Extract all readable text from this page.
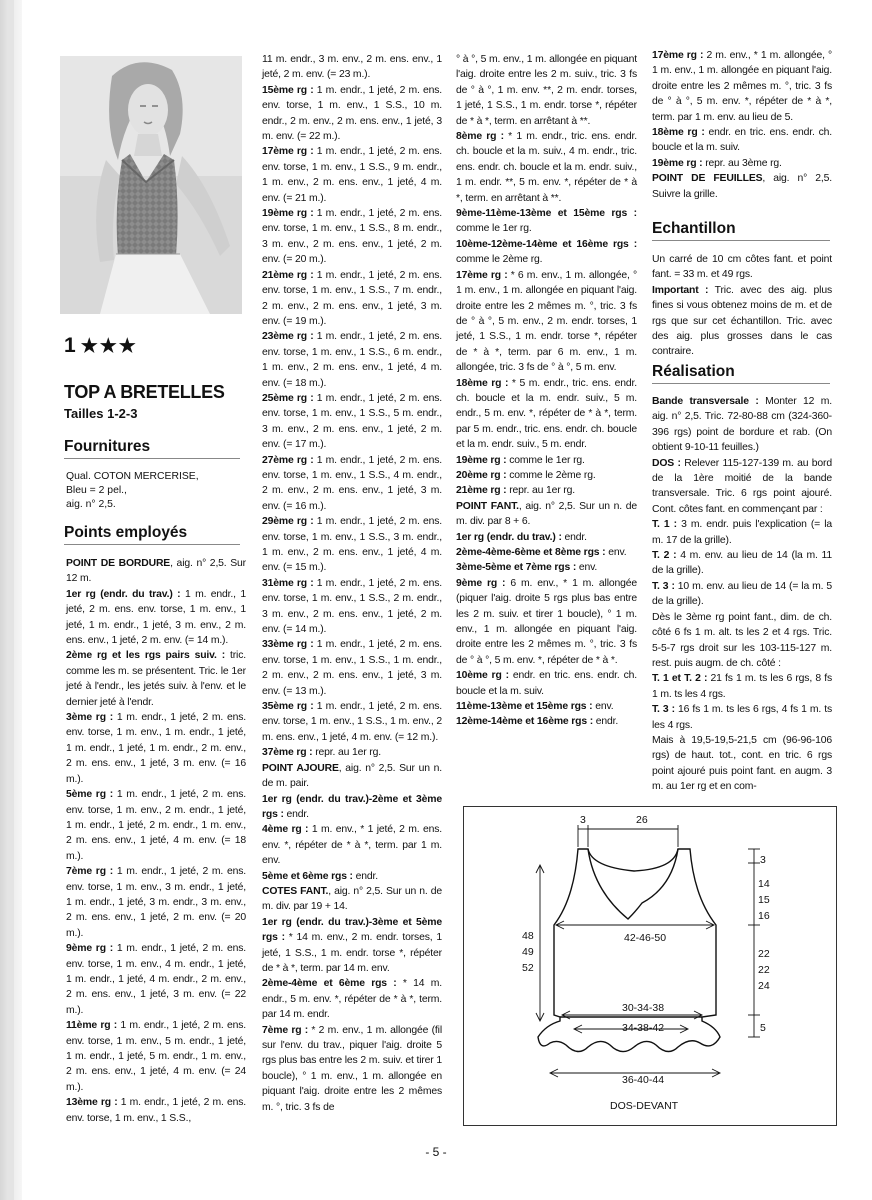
1 ★★★
TOP A BRETELLES
Tailles 1-2-3
Fournitures
Qual. COTON MERCERISE,
Bleu = 2 pel.,
aig. n° 2,5.
Points employés

POINT DE BORDURE, aig. n° 2,5. Sur 12 m.

1er rg (endr. du trav.) : 1 m. endr., 1 jeté, 2 m. ens. env. torse, 1 m. env., 1 jeté, 1 m. endr., 1 jeté, 3 m. env., 2 m. ens. env., 1 jeté, 2 m. env. (= 14 m.).

2ème rg et les rgs pairs suiv. : tric. comme les m. se présentent. Tric. le 1er jeté à l'endr., les jetés suiv. à l'env. et le dernier jeté à l'endr.

3ème rg : 1 m. endr., 1 jeté, 2 m. ens. env. torse, 1 m. env., 1 m. endr., 1 jeté, 1 m. endr., 1 jeté, 1 m. endr., 2 m. env., 2 m. ens. env., 1 jeté, 3 m. env. (= 16 m.).

5ème rg : 1 m. endr., 1 jeté, 2 m. ens. env. torse, 1 m. env., 2 m. endr., 1 jeté, 1 m. endr., 1 jeté, 2 m. endr., 1 m. env., 2 m. ens. env., 1 jeté, 4 m. env. (= 18 m.).

7ème rg : 1 m. endr., 1 jeté, 2 m. ens. env. torse, 1 m. env., 3 m. endr., 1 jeté, 1 m. endr., 1 jeté, 3 m. endr., 3 m. env., 2 m. ens. env., 1 jeté, 2 m. env. (= 20 m.).

9ème rg : 1 m. endr., 1 jeté, 2 m. ens. env. torse, 1 m. env., 4 m. endr., 1 jeté, 1 m. endr., 1 jeté, 4 m. endr., 2 m. env., 2 m. ens. env., 1 jeté, 3 m. env. (= 22 m.).

11ème rg : 1 m. endr., 1 jeté, 2 m. ens. env. torse, 1 m. env., 5 m. endr., 1 jeté, 1 m. endr., 1 jeté, 5 m. endr., 1 m. env., 2 m. ens. env., 1 jeté, 4 m. env. (= 24 m.).

13ème rg : 1 m. endr., 1 jeté, 2 m. ens. env. torse, 1 m. env., 1 S.S.,

11 m. endr., 3 m. env., 2 m. ens. env., 1 jeté, 2 m. env. (= 23 m.).

15ème rg : 1 m. endr., 1 jeté, 2 m. ens. env. torse, 1 m. env., 1 S.S., 10 m. endr., 2 m. env., 2 m. ens. env., 1 jeté, 3 m. env. (= 22 m.).

17ème rg : 1 m. endr., 1 jeté, 2 m. ens. env. torse, 1 m. env., 1 S.S., 9 m. endr., 1 m. env., 2 m. ens. env., 1 jeté, 4 m. env. (= 21 m.).

19ème rg : 1 m. endr., 1 jeté, 2 m. ens. env. torse, 1 m. env., 1 S.S., 8 m. endr., 3 m. env., 2 m. ens. env., 1 jeté, 2 m. env. (= 20 m.).

21ème rg : 1 m. endr., 1 jeté, 2 m. ens. env. torse, 1 m. env., 1 S.S., 7 m. endr., 2 m. env., 2 m. ens. env., 1 jeté, 3 m. env. (= 19 m.).

23ème rg : 1 m. endr., 1 jeté, 2 m. ens. env. torse, 1 m. env., 1 S.S., 6 m. endr., 1 m. env., 2 m. ens. env., 1 jeté, 4 m. env. (= 18 m.).

25ème rg : 1 m. endr., 1 jeté, 2 m. ens. env. torse, 1 m. env., 1 S.S., 5 m. endr., 3 m. env., 2 m. ens. env., 1 jeté, 2 m. env. (= 17 m.).

27ème rg : 1 m. endr., 1 jeté, 2 m. ens. env. torse, 1 m. env., 1 S.S., 4 m. endr., 2 m. env., 2 m. ens. env., 1 jeté, 3 m. env. (= 16 m.).

29ème rg : 1 m. endr., 1 jeté, 2 m. ens. env. torse, 1 m. env., 1 S.S., 3 m. endr., 1 m. env., 2 m. ens. env., 1 jeté, 4 m. env. (= 15 m.).

31ème rg : 1 m. endr., 1 jeté, 2 m. ens. env. torse, 1 m. env., 1 S.S., 2 m. endr., 3 m. env., 2 m. ens. env., 1 jeté, 2 m. env. (= 14 m.).

33ème rg : 1 m. endr., 1 jeté, 2 m. ens. env. torse, 1 m. env., 1 S.S., 1 m. endr., 2 m. env., 2 m. ens. env., 1 jeté, 3 m. env. (= 13 m.).

35ème rg : 1 m. endr., 1 jeté, 2 m. ens. env. torse, 1 m. env., 1 S.S., 1 m. env., 2 m. ens. env., 1 jeté, 4 m. env. (= 12 m.).

37ème rg : repr. au 1er rg.

POINT AJOURE, aig. n° 2,5. Sur un n. de m. pair.

1er rg (endr. du trav.)-2ème et 3ème rgs : endr.

4ème rg : 1 m. env., * 1 jeté, 2 m. ens. env. *, répéter de * à *, term. par 1 m. env.

5ème et 6ème rgs : endr.

COTES FANT., aig. n° 2,5. Sur un n. de m. div. par 19 + 14.

1er rg (endr. du trav.)-3ème et 5ème rgs : * 14 m. env., 2 m. endr. torses, 1 jeté, 1 S.S., 1 m. endr. torse *, répéter de * à *, term. par 14 m. env.

2ème-4ème et 6ème rgs : * 14 m. endr., 5 m. env. *, répéter de * à *, term. par 14 m. endr.

7ème rg : * 2 m. env., 1 m. allongée (fil sur l'env. du trav., piquer l'aig. droite 5 rgs plus bas entre les 2 m. suiv. et tirer 1 boucle), ° 1 m. env., 1 m. allongée en piquant l'aig. droite entre les 2 mêmes m. °, tric. 3 fs de

° à °, 5 m. env., 1 m. allongée en piquant l'aig. droite entre les 2 m. suiv., tric. 3 fs de ° à °, 1 m. env. **, 2 m. endr. torses, 1 jeté, 1 S.S., 1 m. endr. torse *, répéter de * à *, term. en arrêtant à **.

8ème rg : * 1 m. endr., tric. ens. endr. ch. boucle et la m. suiv., 4 m. endr., tric. ens. endr. ch. boucle et la m. endr. suiv., 1 m. endr. **, 5 m. env. *, répéter de * à *, term. en arrêtant à **.

9ème-11ème-13ème et 15ème rgs : comme le 1er rg.

10ème-12ème-14ème et 16ème rgs : comme le 2ème rg.

17ème rg : * 6 m. env., 1 m. allongée, ° 1 m. env., 1 m. allongée en piquant l'aig. droite entre les 2 mêmes m. °, tric. 3 fs de ° à °, 5 m. env., 2 m. endr. torses, 1 jeté, 1 S.S., 1 m. endr. torse *, répéter de * à *, term. par 6 m. env., 1 m. allongée, tric. 3 fs de ° à °, 5 m. env.

18ème rg : * 5 m. endr., tric. ens. endr. ch. boucle et la m. endr. suiv., 5 m. endr., 5 m. env. *, répéter de * à *, term. par 5 m. endr., tric. ens. endr. ch. boucle et la m. endr. suiv., 5 m. endr.

19ème rg : comme le 1er rg.

20ème rg : comme le 2ème rg.

21ème rg : repr. au 1er rg.

POINT FANT., aig. n° 2,5. Sur un n. de m. div. par 8 + 6.

1er rg (endr. du trav.) : endr.

2ème-4ème-6ème et 8ème rgs : env.

3ème-5ème et 7ème rgs : env.

9ème rg : 6 m. env., * 1 m. allongée (piquer l'aig. droite 5 rgs plus bas entre les 2 m. suiv. et tirer 1 boucle), ° 1 m. env., 1 m. allongée en piquant l'aig. droite entre les 2 mêmes m. °, tric. 3 fs de ° à °, 5 m. env. *, répéter de * à *.

10ème rg : endr. en tric. ens. endr. ch. boucle et la m. suiv.

11ème-13ème et 15ème rgs : env.

12ème-14ème et 16ème rgs : endr.

17ème rg : 2 m. env., * 1 m. allongée, ° 1 m. env., 1 m. allongée en piquant l'aig. droite entre les 2 mêmes m. °, tric. 3 fs de ° à °, 5 m. env. *, répéter de * à *, term. par 1 m. env. au lieu de 5.

18ème rg : endr. en tric. ens. endr. ch. boucle et la m. suiv.

19ème rg : repr. au 3ème rg.

POINT DE FEUILLES, aig. n° 2,5. Suivre la grille.

Echantillon

Un carré de 10 cm côtes fant. et point fant. = 33 m. et 49 rgs.

Important : Tric. avec des aig. plus fines si vous obtenez moins de m. et de rgs que sur cet échantillon. Tric. avec des aig. plus grosses dans le cas contraire.

Réalisation

Bande transversale : Monter 12 m. aig. n° 2,5. Tric. 72-80-88 cm (324-360-396 rgs) point de bordure et rab. (On obtient 9-10-11 feuilles.)

DOS : Relever 115-127-139 m. au bord de la 1ère moitié de la bande transversale. Tric. 6 rgs point ajouré. Cont. côtes fant. en commençant par :

T. 1 : 3 m. endr. puis l'explication (= la m. 17 de la grille).

T. 2 : 4 m. env. au lieu de 14 (la m. 11 de la grille).

T. 3 : 10 m. env. au lieu de 14 (= la m. 5 de la grille).

Dès le 3ème rg point fant., dim. de ch. côté 6 fs 1 m. alt. ts les 2 et 4 rgs. Tric. 5-5-7 rgs droit sur les 103-115-127 m. rest. puis augm. de ch. côté :

T. 1 et T. 2 : 21 fs 1 m. ts les 6 rgs, 8 fs 1 m. ts les 4 rgs.

T. 3 : 16 fs 1 m. ts les 6 rgs, 4 fs 1 m. ts les 4 rgs.

Mais à 19,5-19,5-21,5 cm (96-96-106 rgs) de haut. tot., cont. en tric. 6 rgs point ajouré puis point fant. en augm. 3 m. au 1er rg et en com-

3	26
3
14
15
16
22
22
24
5
48
49
52
42-46-50
30-34-38
34-38-42
36-40-44
DOS-DEVANT
- 5 -
